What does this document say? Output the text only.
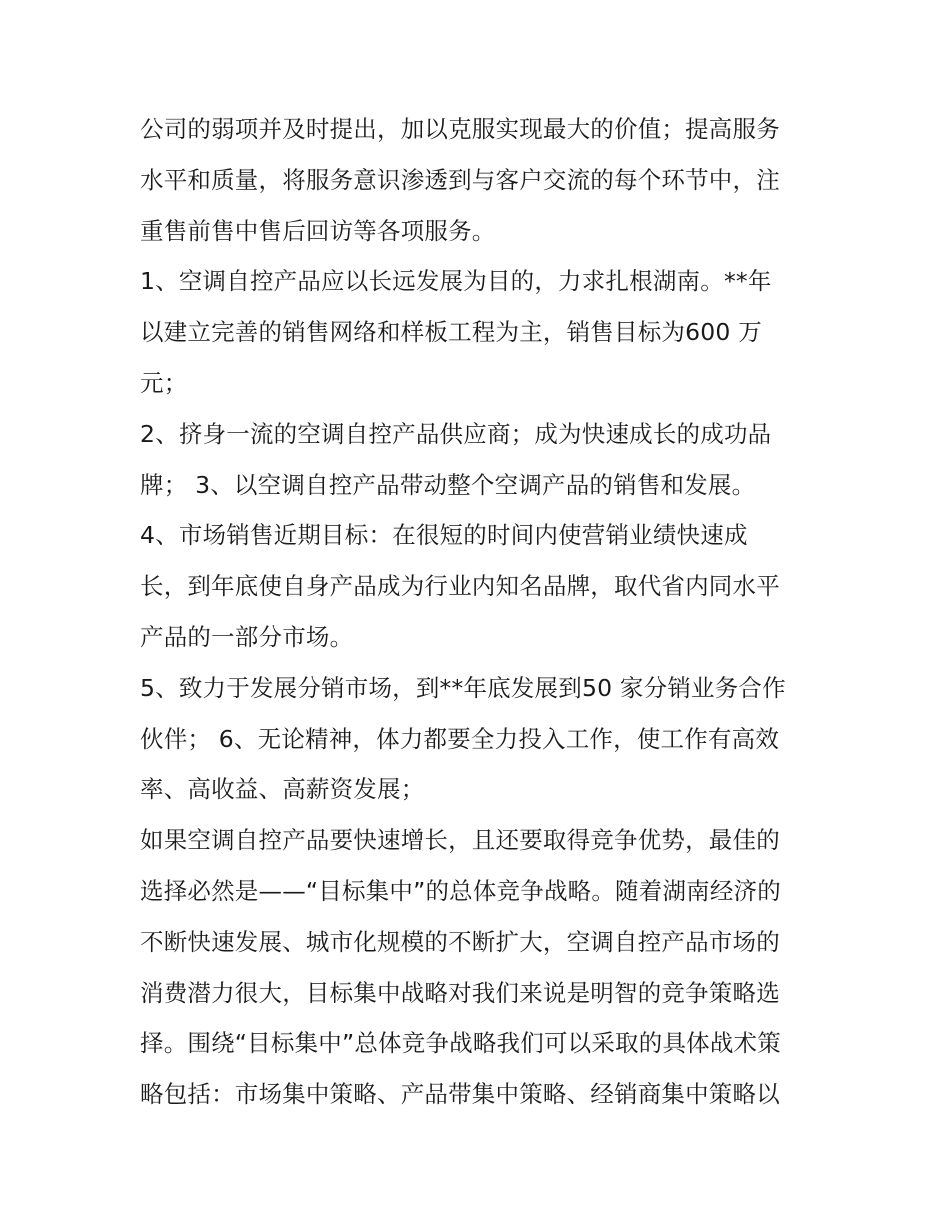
公司的弱项并及时提出，加以克服实现最大的价值；提高服务
水平和质量，将服务意识渗透到与客户交流的每个环节中，注
重售前售中售后回访等各项服务。
1、空调自控产品应以长远发展为目的，力求扎根湖南。**年
以建立完善的销售网络和样板工程为主，销售目标为600 万
元；
2、挤身一流的空调自控产品供应商；成为快速成长的成功品
牌； 3、以空调自控产品带动整个空调产品的销售和发展。
4、市场销售近期目标：在很短的时间内使营销业绩快速成
长，到年底使自身产品成为行业内知名品牌，取代省内同水平
产品的一部分市场。
5、致力于发展分销市场，到**年底发展到50 家分销业务合作
伙伴； 6、无论精神，体力都要全力投入工作，使工作有高效
率、高收益、高薪资发展；
如果空调自控产品要快速增长，且还要取得竞争优势，最佳的
选择必然是——“目标集中”的总体竞争战略。随着湖南经济的
不断快速发展、城市化规模的不断扩大，空调自控产品市场的
消费潜力很大，目标集中战略对我们来说是明智的竞争策略选
择。围绕“目标集中”总体竞争战略我们可以采取的具体战术策
略包括：市场集中策略、产品带集中策略、经销商集中策略以
